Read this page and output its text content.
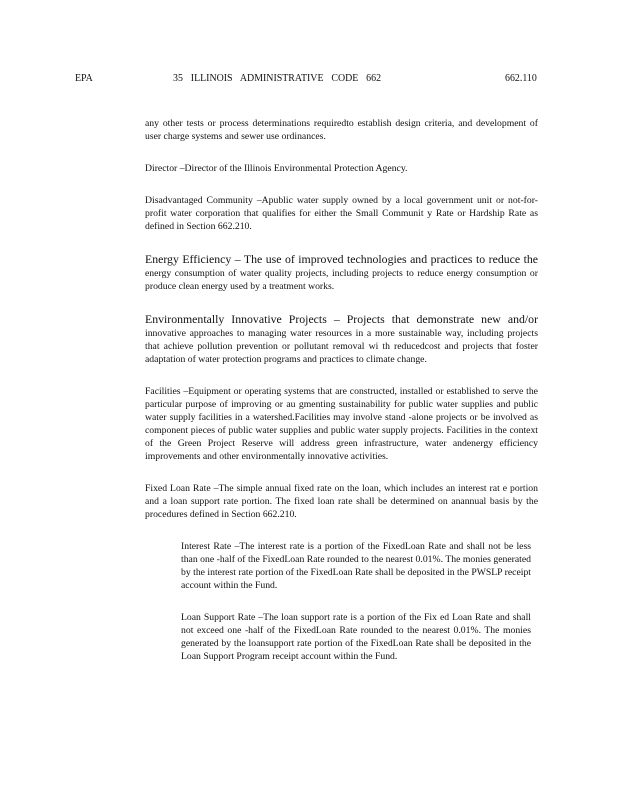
EPA	35 ILLINOIS ADMINISTRATIVE CODE 662	662.110

any other tests or process determinations requiredto establish design criteria, and development of user charge systems and sewer use ordinances.

Director –Director of the Illinois Environmental Protection Agency.

Disadvantaged Community –Apublic water supply owned by a local government unit or not-for-profit water corporation that qualifies for either the Small Communit y Rate or Hardship Rate as defined in Section 662.210.

Energy Efficiency – The use of improved technologies and practices to reduce the energy consumption of water quality projects, including projects to reduce energy consumption or produce clean energy used by a treatment works.

Environmentally Innovative Projects – Projects that demonstrate new and/or innovative approaches to managing water resources in a more sustainable way, including projects that achieve pollution prevention or pollutant removal wi th reducedcost and projects that foster adaptation of water protection programs and practices to climate change.

Facilities –Equipment or operating systems that are constructed, installed or established to serve the particular purpose of improving or au gmenting sustainability for public water supplies and public water supply facilities in a watershed.Facilities may involve stand -alone projects or be involved as component pieces of public water supplies and public water supply projects. Facilities in the context of the Green Project Reserve will address green infrastructure, water andenergy efficiency improvements and other environmentally innovative activities.

Fixed Loan Rate –The simple annual fixed rate on the loan, which includes an interest rat e portion and a loan support rate portion. The fixed loan rate shall be determined on anannual basis by the procedures defined in Section 662.210.

Interest Rate –The interest rate is a portion of the FixedLoan Rate and shall not be less than one -half of the FixedLoan Rate rounded to the nearest 0.01%. The monies generated by the interest rate portion of the FixedLoan Rate shall be deposited in the PWSLP receipt account within the Fund.

Loan Support Rate –The loan support rate is a portion of the Fix ed Loan Rate and shall not exceed one -half of the FixedLoan Rate rounded to the nearest 0.01%. The monies generated by the loansupport rate portion of the FixedLoan Rate shall be deposited in the Loan Support Program receipt account within the Fund.
